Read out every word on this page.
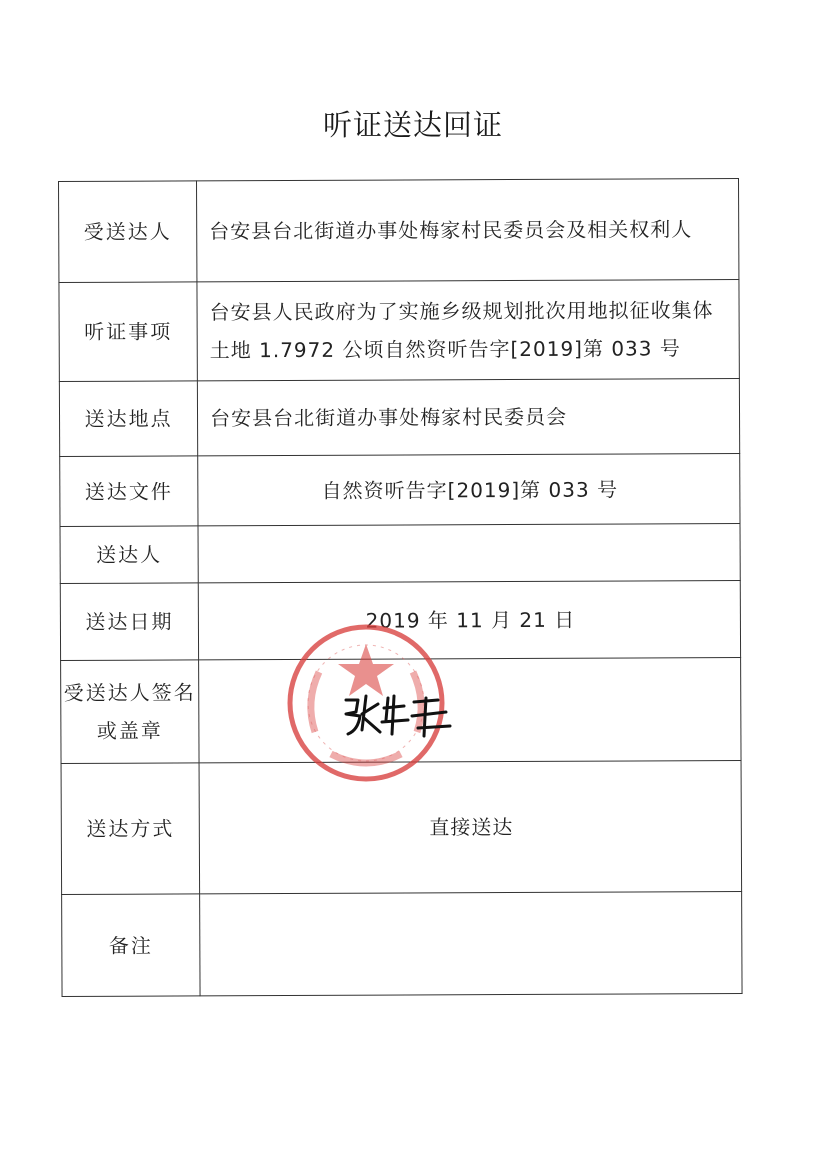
听证送达回证
受送达人	台安县台北街道办事处梅家村民委员会及相关权利人
听证事项	台安县人民政府为了实施乡级规划批次用地拟征收集体土地 1.7972 公顷自然资听告字[2019]第 033 号
送达地点	台安县台北街道办事处梅家村民委员会
送达文件	自然资听告字[2019]第 033 号
送达人	
送达日期	2019 年 11 月 21 日
受送达人签名或盖章	
送达方式	直接送达
备注	
